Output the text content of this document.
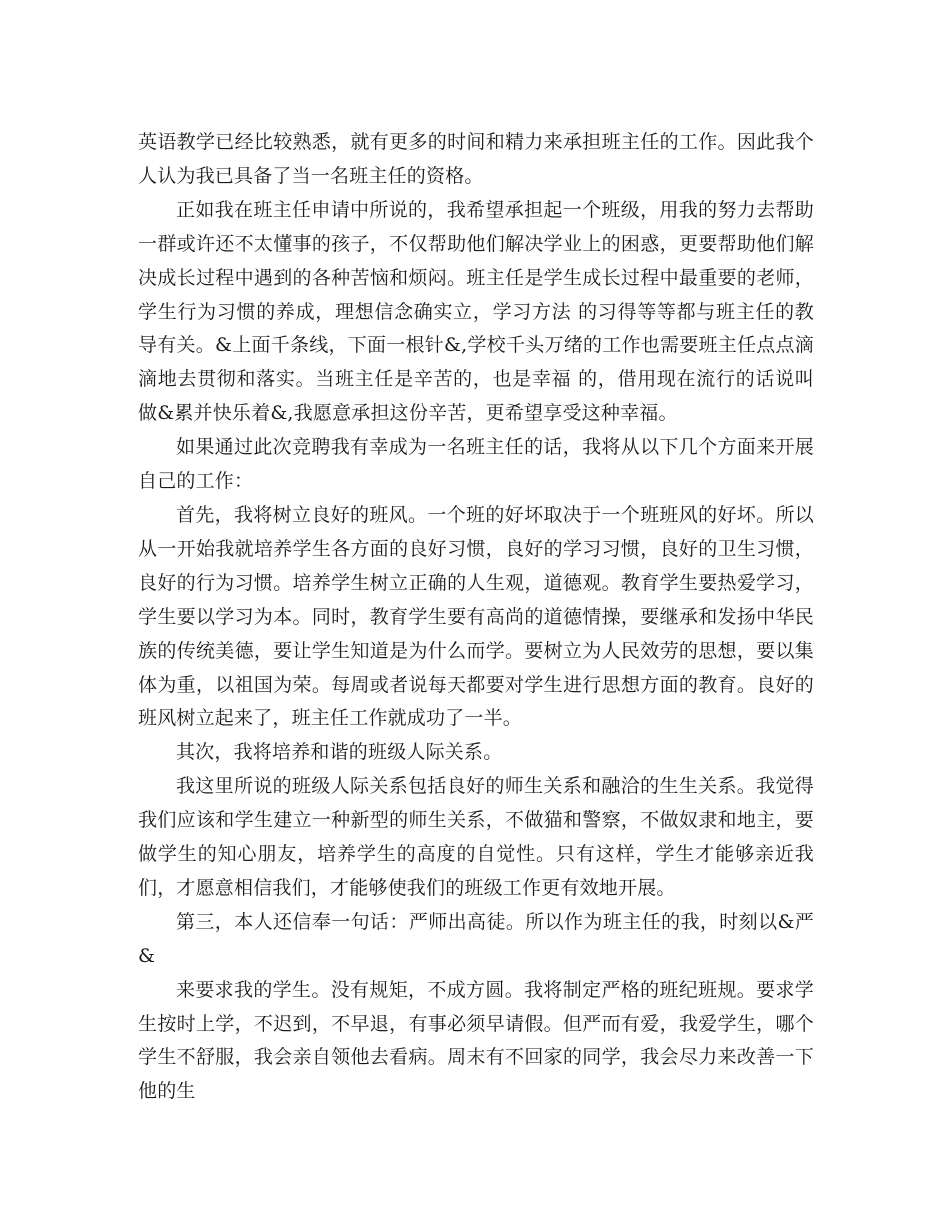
英语教学已经比较熟悉，就有更多的时间和精力来承担班主任的工作。因此我个人认为我已具备了当一名班主任的资格。

正如我在班主任申请中所说的，我希望承担起一个班级，用我的努力去帮助一群或许还不太懂事的孩子，不仅帮助他们解决学业上的困惑，更要帮助他们解决成长过程中遇到的各种苦恼和烦闷。班主任是学生成长过程中最重要的老师，学生行为习惯的养成，理想信念确实立，学习方法 的习得等等都与班主任的教导有关。&上面千条线，下面一根针&,学校千头万绪的工作也需要班主任点点滴滴地去贯彻和落实。当班主任是辛苦的，也是幸福 的，借用现在流行的话说叫做&累并快乐着&,我愿意承担这份辛苦，更希望享受这种幸福。

如果通过此次竞聘我有幸成为一名班主任的话，我将从以下几个方面来开展自己的工作：

首先，我将树立良好的班风。一个班的好坏取决于一个班班风的好坏。所以从一开始我就培养学生各方面的良好习惯，良好的学习习惯，良好的卫生习惯，良好的行为习惯。培养学生树立正确的人生观，道德观。教育学生要热爱学习，学生要以学习为本。同时，教育学生要有高尚的道德情操，要继承和发扬中华民族的传统美德，要让学生知道是为什么而学。要树立为人民效劳的思想，要以集体为重，以祖国为荣。每周或者说每天都要对学生进行思想方面的教育。良好的班风树立起来了，班主任工作就成功了一半。

其次，我将培养和谐的班级人际关系。

我这里所说的班级人际关系包括良好的师生关系和融洽的生生关系。我觉得我们应该和学生建立一种新型的师生关系，不做猫和警察，不做奴隶和地主，要做学生的知心朋友，培养学生的高度的自觉性。只有这样，学生才能够亲近我们，才愿意相信我们，才能够使我们的班级工作更有效地开展。

第三，本人还信奉一句话：严师出高徒。所以作为班主任的我，时刻以&严&

来要求我的学生。没有规矩，不成方圆。我将制定严格的班纪班规。要求学生按时上学，不迟到，不早退，有事必须早请假。但严而有爱，我爱学生，哪个学生不舒服，我会亲自领他去看病。周末有不回家的同学，我会尽力来改善一下他的生
